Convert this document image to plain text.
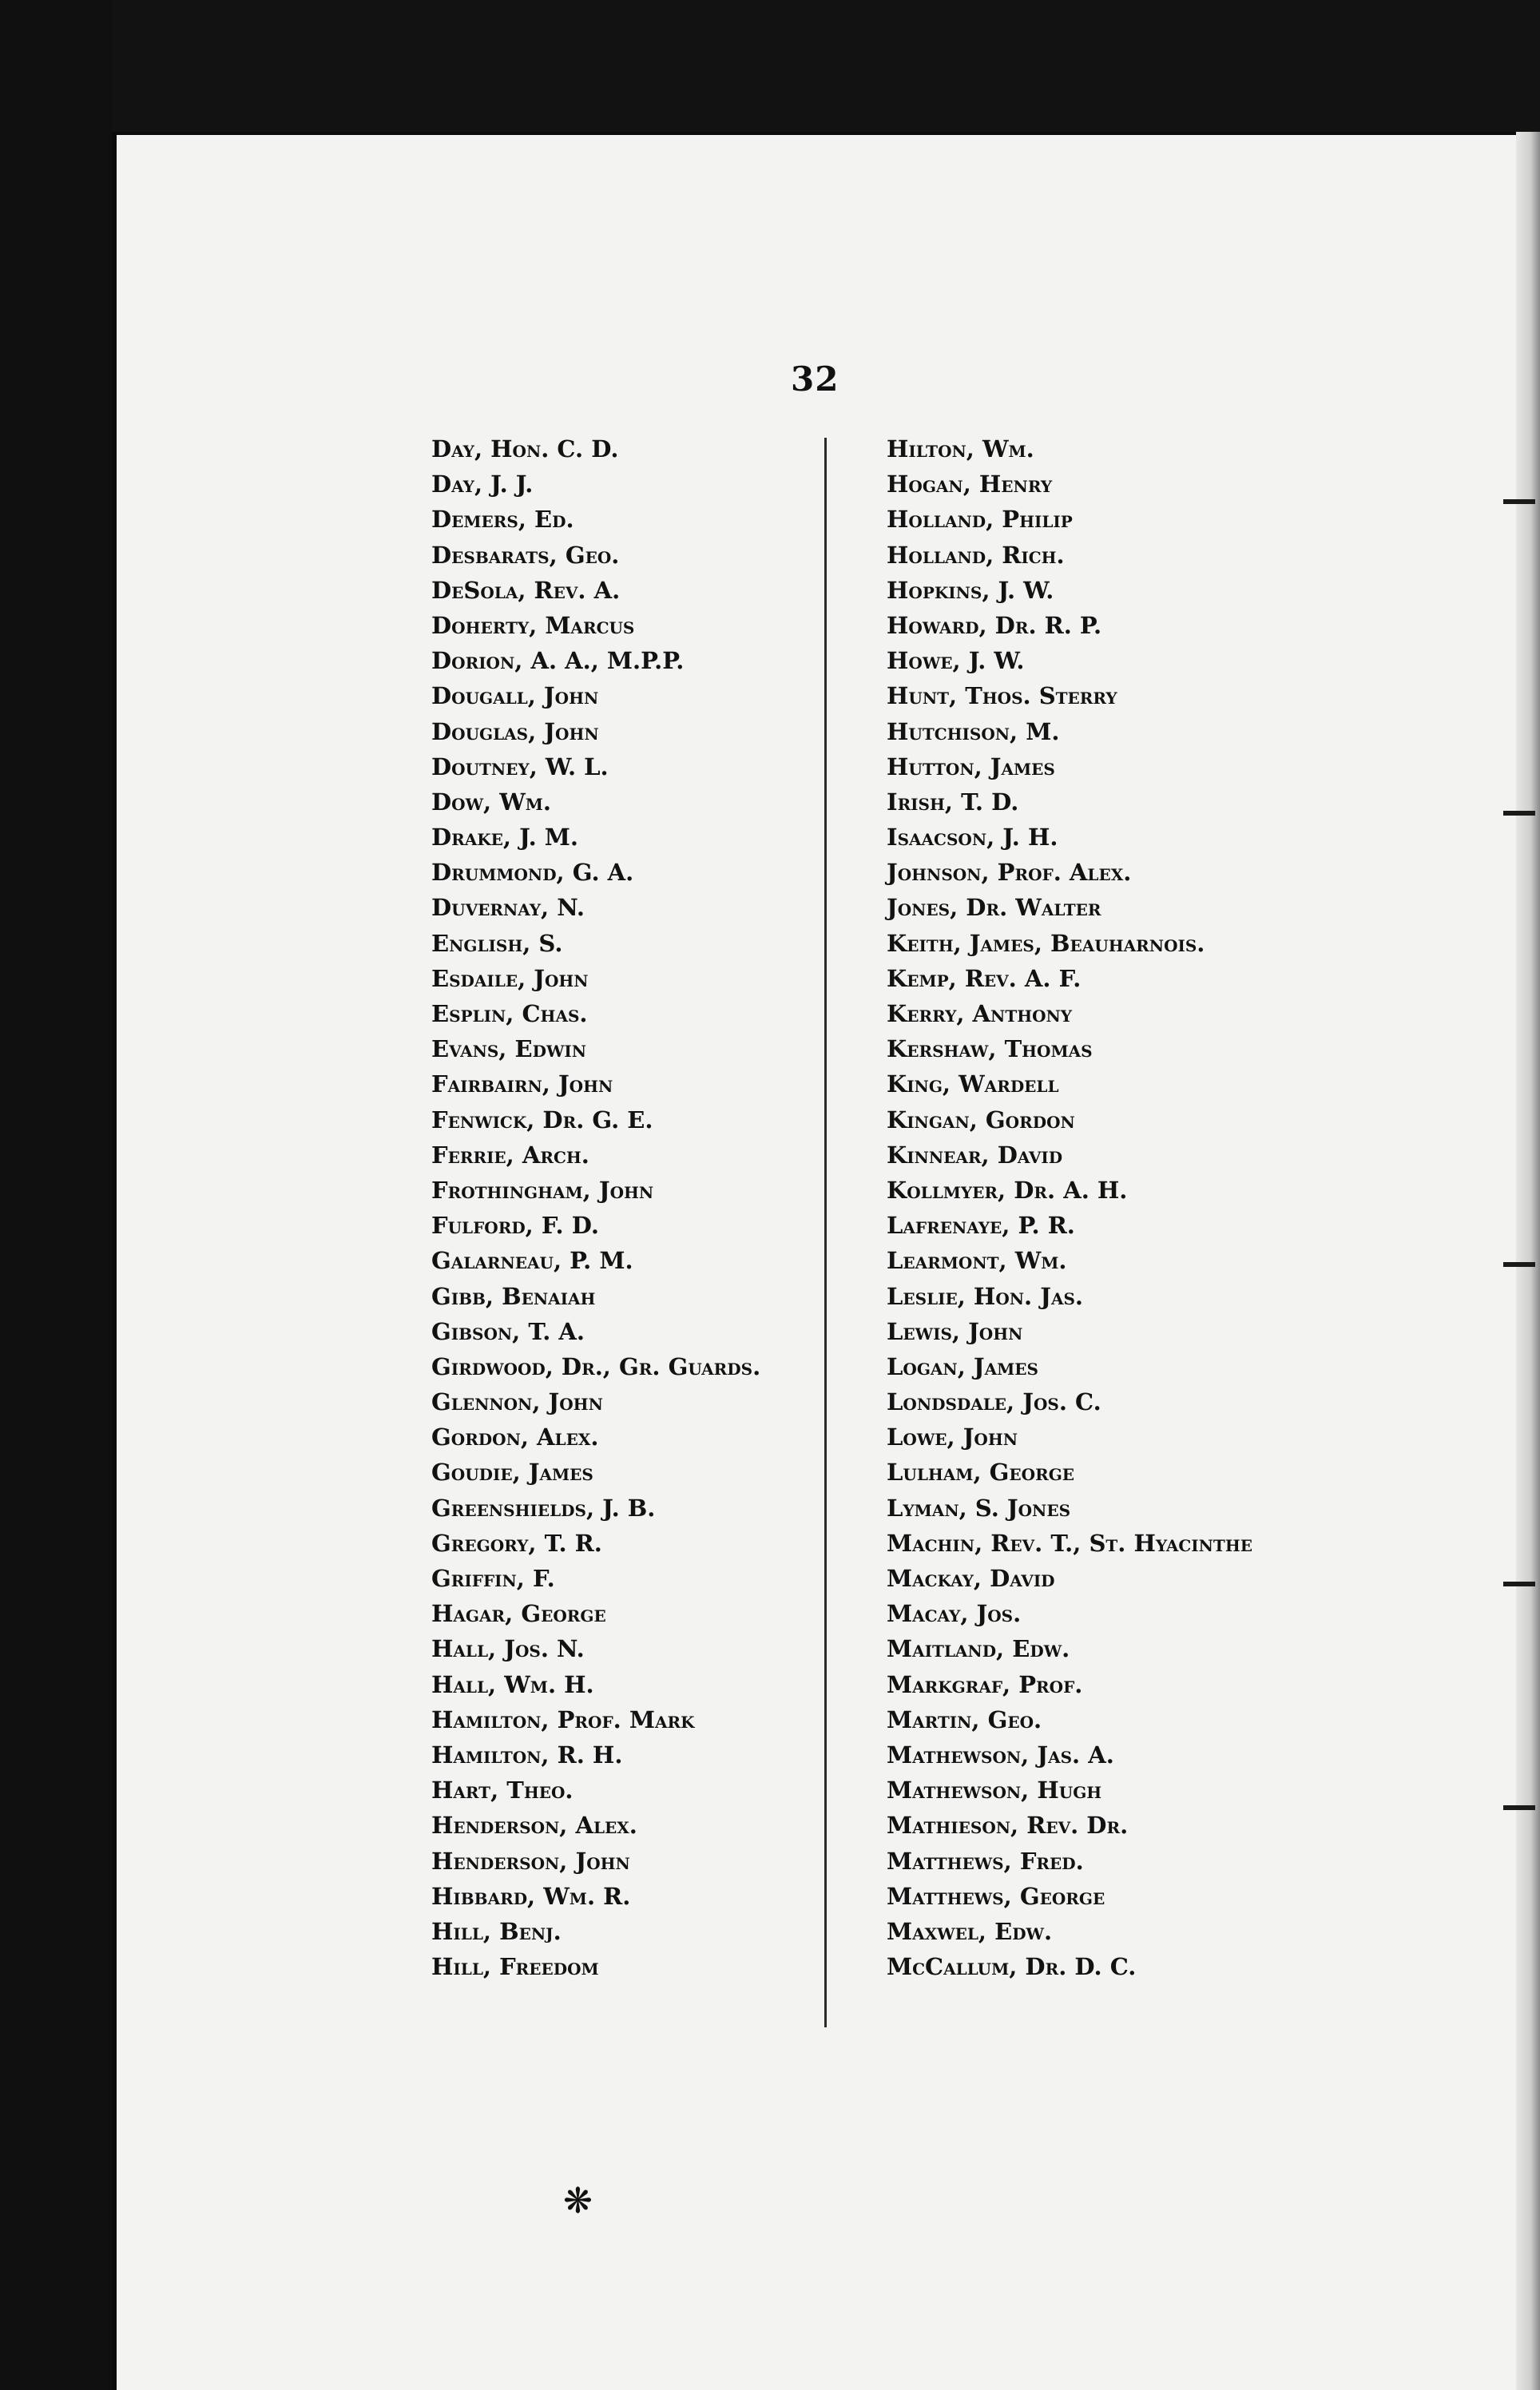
32
Day, Hon. C. D.
Day, J. J.
Demers, Ed.
Desbarats, Geo.
DeSola, Rev. A.
Doherty, Marcus
Dorion, A. A., M.P.P.
Dougall, John
Douglas, John
Doutney, W. L.
Dow, Wm.
Drake, J. M.
Drummond, G. A.
Duvernay, N.
English, S.
Esdaile, John
Esplin, Chas.
Evans, Edwin
Fairbairn, John
Fenwick, Dr. G. E.
Ferrie, Arch.
Frothingham, John
Fulford, F. D.
Galarneau, P. M.
Gibb, Benaiah
Gibson, T. A.
Girdwood, Dr., Gr. Guards.
Glennon, John
Gordon, Alex.
Goudie, James
Greenshields, J. B.
Gregory, T. R.
Griffin, F.
Hagar, George
Hall, Jos. N.
Hall, Wm. H.
Hamilton, Prof. Mark
Hamilton, R. H.
Hart, Theo.
Henderson, Alex.
Henderson, John
Hibbard, Wm. R.
Hill, Benj.
Hill, Freedom
Hilton, Wm.
Hogan, Henry
Holland, Philip
Holland, Rich.
Hopkins, J. W.
Howard, Dr. R. P.
Howe, J. W.
Hunt, Thos. Sterry
Hutchison, M.
Hutton, James
Irish, T. D.
Isaacson, J. H.
Johnson, Prof. Alex.
Jones, Dr. Walter
Keith, James, Beauharnois.
Kemp, Rev. A. F.
Kerry, Anthony
Kershaw, Thomas
King, Wardell
Kingan, Gordon
Kinnear, David
Kollmyer, Dr. A. H.
Lafrenaye, P. R.
Learmont, Wm.
Leslie, Hon. Jas.
Lewis, John
Logan, James
Londsdale, Jos. C.
Lowe, John
Lulham, George
Lyman, S. Jones
Machin, Rev. T., St. Hyacinthe
Mackay, David
Macay, Jos.
Maitland, Edw.
Markgraf, Prof.
Martin, Geo.
Mathewson, Jas. A.
Mathewson, Hugh
Mathieson, Rev. Dr.
Matthews, Fred.
Matthews, George
Maxwel, Edw.
McCallum, Dr. D. C.
❋
